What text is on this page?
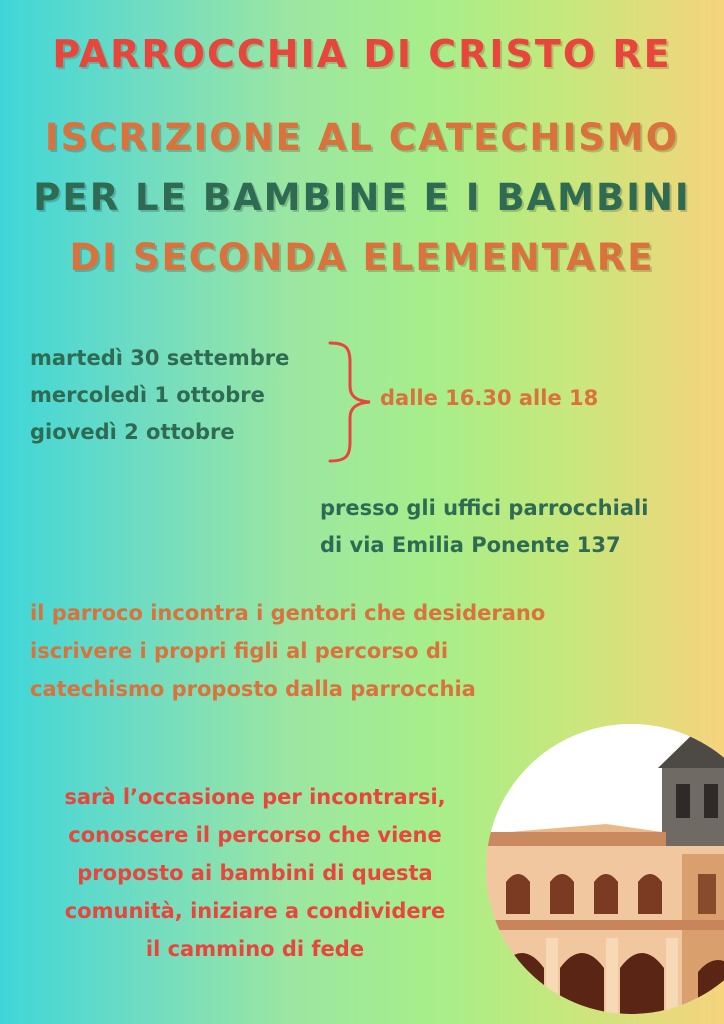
PARROCCHIA DI CRISTO RE
ISCRIZIONE AL CATECHISMO
PER LE BAMBINE E I BAMBINI
DI SECONDA ELEMENTARE
martedì 30 settembre
mercoledì 1 ottobre
giovedì 2 ottobre
dalle 16.30 alle 18
presso gli uffici parrocchiali
di via Emilia Ponente 137
il parroco incontra i gentori che desiderano
iscrivere i propri figli al percorso di
catechismo proposto dalla parrocchia
sarà l’occasione per incontrarsi,
conoscere il percorso che viene
proposto ai bambini di questa
comunità, iniziare a condividere
il cammino di fede
